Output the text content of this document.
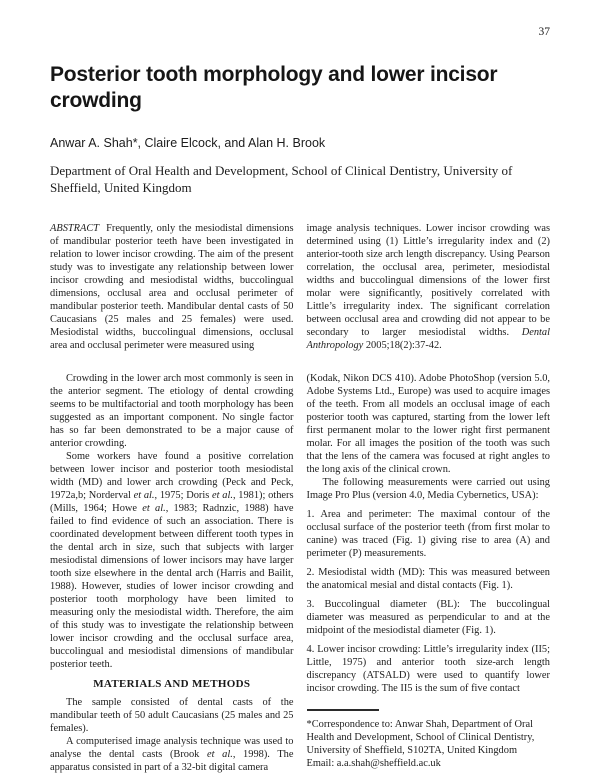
37
Posterior tooth morphology and lower incisor crowding
Anwar A. Shah*, Claire Elcock, and Alan H. Brook
Department of Oral Health and Development, School of Clinical Dentistry, University of Sheffield, United Kingdom
ABSTRACT Frequently, only the mesiodistal dimensions of mandibular posterior teeth have been investigated in relation to lower incisor crowding. The aim of the present study was to investigate any relationship between lower incisor crowding and mesiodistal widths, buccolingual dimensions, occlusal area and occlusal perimeter of mandibular posterior teeth. Mandibular dental casts of 50 Caucasians (25 males and 25 females) were used. Mesiodistal widths, buccolingual dimensions, occlusal area and occlusal perimeter were measured using
image analysis techniques. Lower incisor crowding was determined using (1) Little’s irregularity index and (2) anterior-tooth size arch length discrepancy. Using Pearson correlation, the occlusal area, perimeter, mesiodistal widths and buccolingual dimensions of the lower first molar were significantly, positively correlated with Little’s irregularity index. The significant correlation between occlusal area and crowding did not appear to be secondary to larger mesiodistal widths. Dental Anthropology 2005;18(2):37-42.

Crowding in the lower arch most commonly is seen in the anterior segment. The etiology of dental crowding seems to be multifactorial and tooth morphology has been suggested as an important component. No single factor has so far been demonstrated to be a major cause of anterior crowding.

Some workers have found a positive correlation between lower incisor and posterior tooth mesiodistal width (MD) and lower arch crowding (Peck and Peck, 1972a,b; Norderval et al., 1975; Doris et al., 1981); others (Mills, 1964; Howe et al., 1983; Radnzic, 1988) have failed to find evidence of such an association. There is coordinated development between different tooth types in the dental arch in size, such that subjects with larger mesiodistal dimensions of lower incisors may have larger tooth size elsewhere in the dental arch (Harris and Bailit, 1988). However, studies of lower incisor crowding and posterior tooth morphology have been limited to measuring only the mesiodistal width. Therefore, the aim of this study was to investigate the relationship between lower incisor crowding and the occlusal surface area, buccolingual and mesiodistal dimensions of mandibular posterior teeth.

MATERIALS AND METHODS

The sample consisted of dental casts of the mandibular teeth of 50 adult Caucasians (25 males and 25 females).

A computerised image analysis technique was used to analyse the dental casts (Brook et al., 1998). The apparatus consisted in part of a 32-bit digital camera

(Kodak, Nikon DCS 410). Adobe PhotoShop (version 5.0, Adobe Systems Ltd., Europe) was used to acquire images of the teeth. From all models an occlusal image of each posterior tooth was captured, starting from the lower left first permanent molar to the lower right first permanent molar. For all images the position of the tooth was such that the lens of the camera was focused at right angles to the long axis of the clinical crown.

The following measurements were carried out using Image Pro Plus (version 4.0, Media Cybernetics, USA):

1. Area and perimeter: The maximal contour of the occlusal surface of the posterior teeth (from first molar to canine) was traced (Fig. 1) giving rise to area (A) and perimeter (P) measurements.

2. Mesiodistal width (MD): This was measured between the anatomical mesial and distal contacts (Fig. 1).

3. Buccolingual diameter (BL): The buccolingual diameter was measured as perpendicular to and at the midpoint of the mesiodistal diameter (Fig. 1).

4. Lower incisor crowding: Little’s irregularity index (II5; Little, 1975) and anterior tooth size-arch length discrepancy (ATSALD) were used to quantify lower incisor crowding. The II5 is the sum of five contact

*Correspondence to: Anwar Shah, Department of Oral Health and Development, School of Clinical Dentistry, University of Sheffield, S102TA, United Kingdom

Email: a.a.shah@sheffield.ac.uk
